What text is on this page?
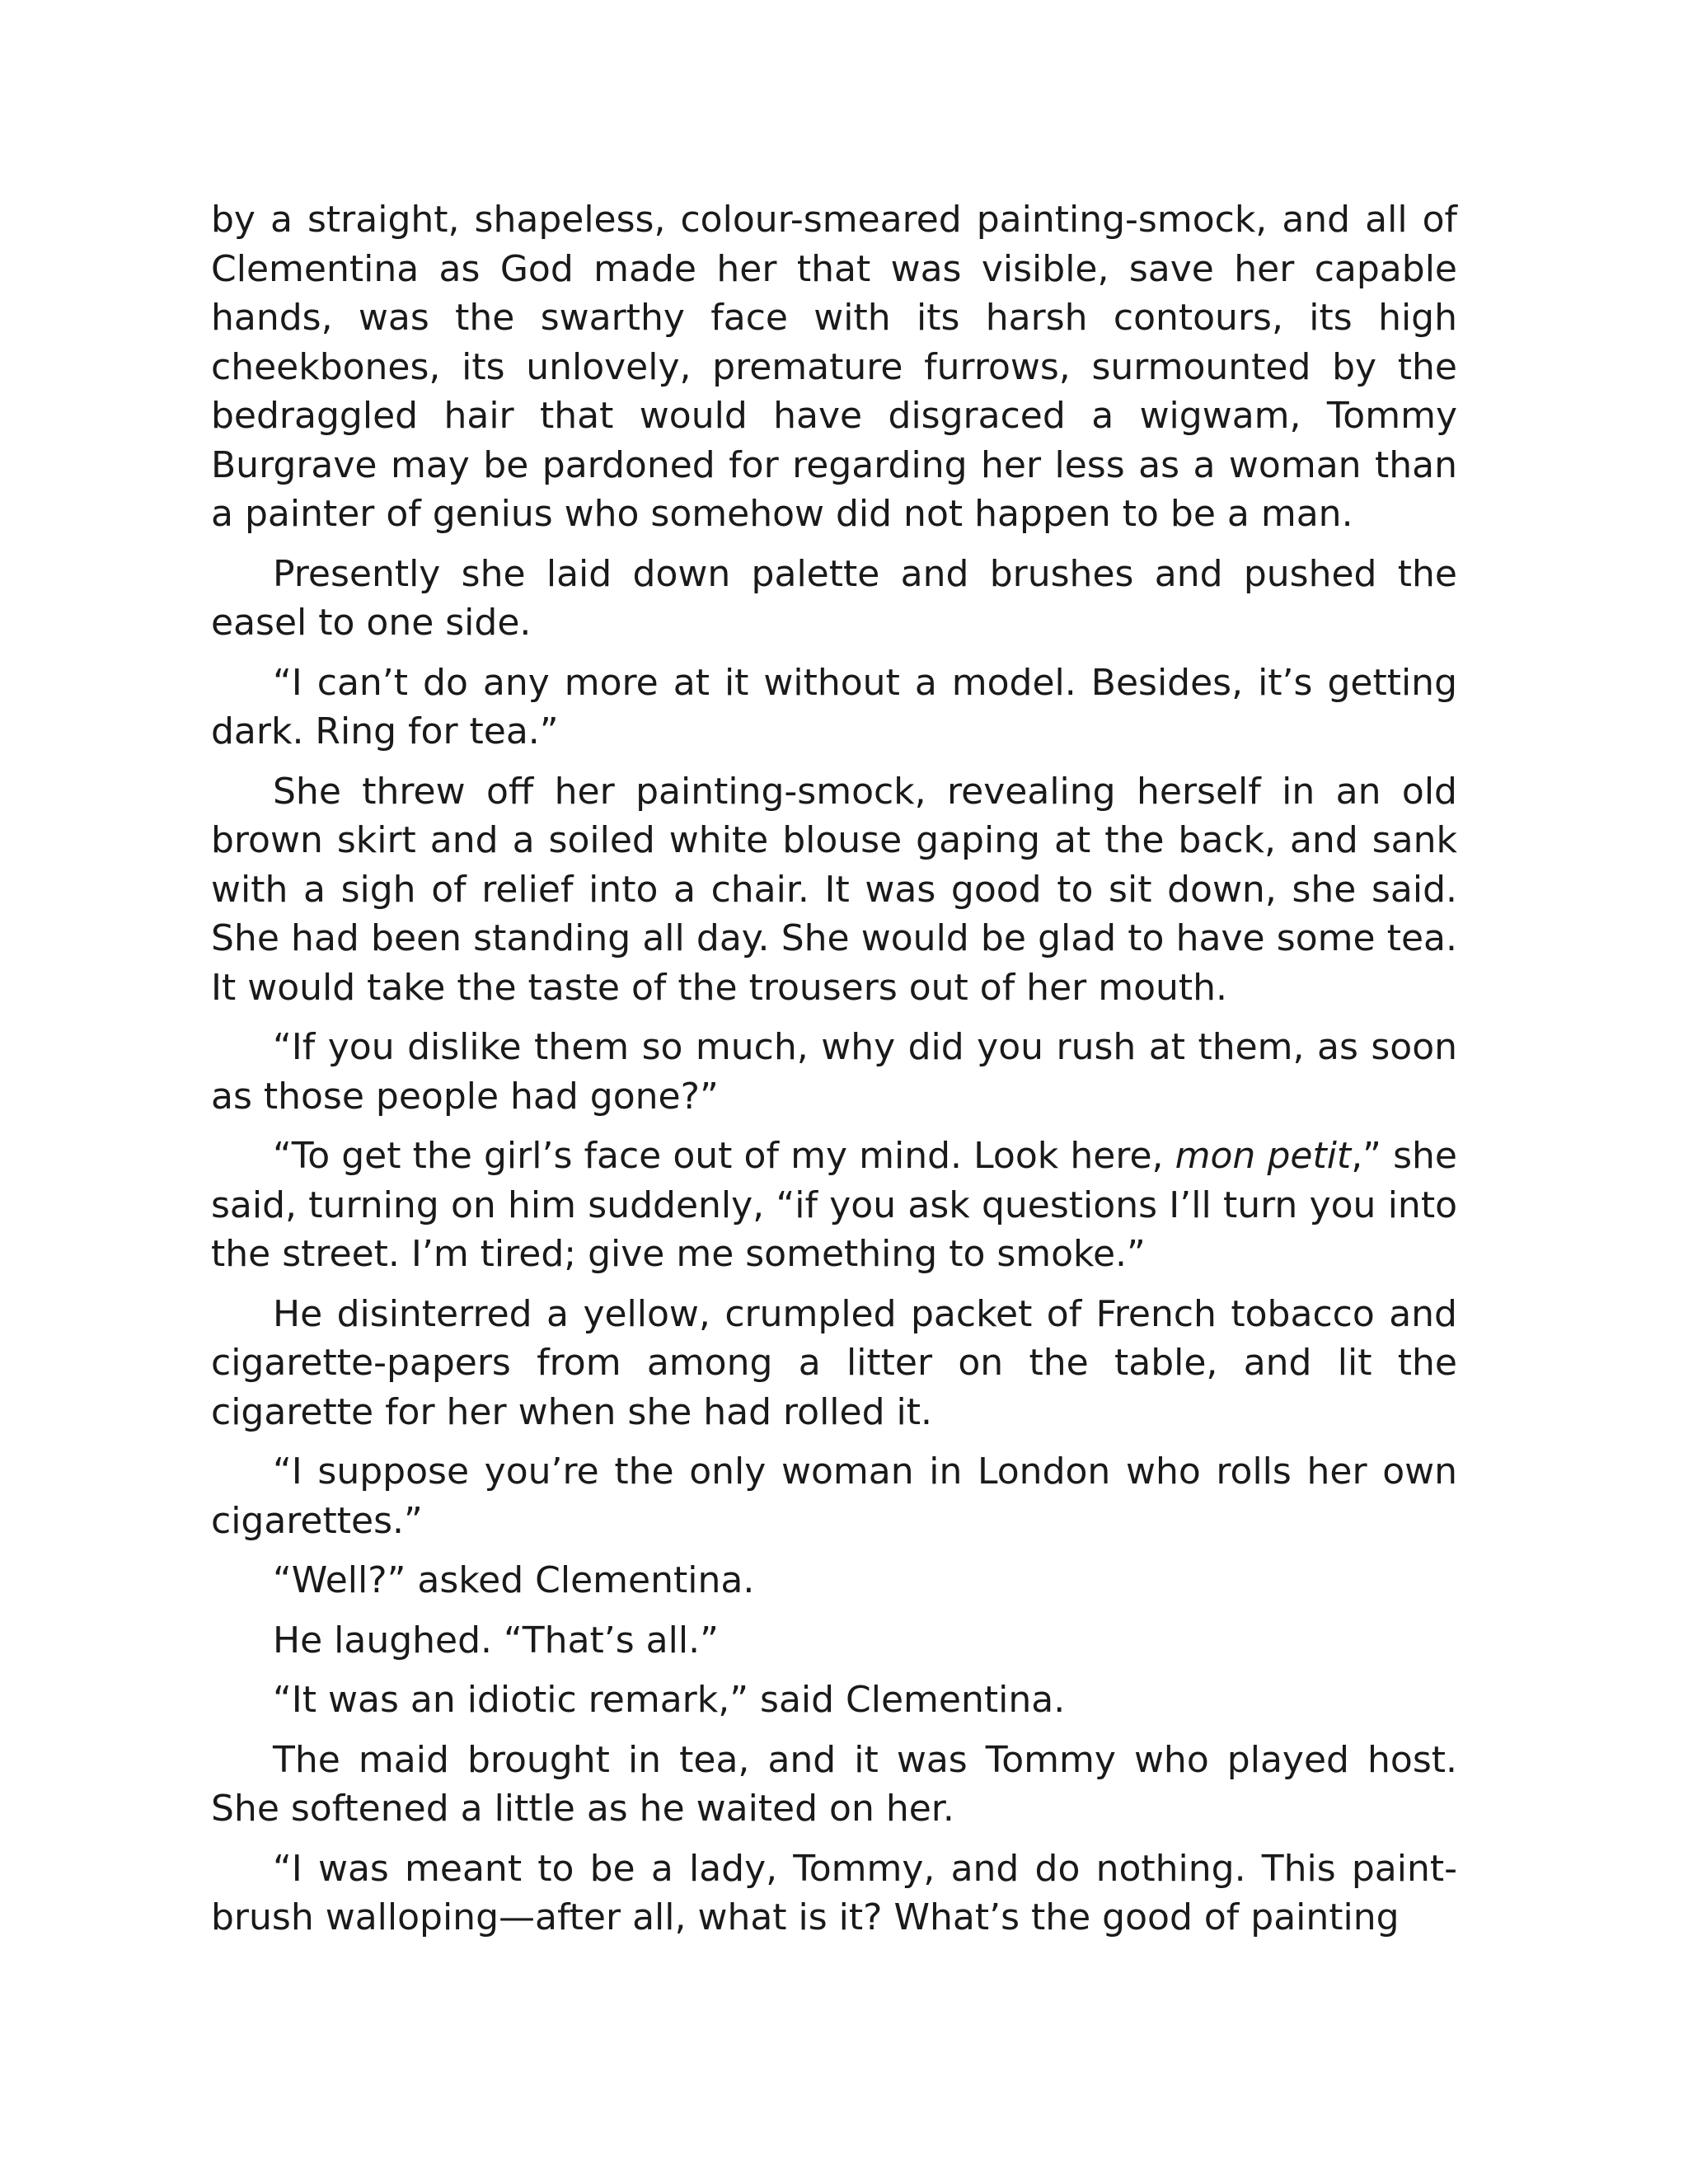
by a straight, shapeless, colour-smeared painting-smock, and all of Clementina as God made her that was visible, save her capable hands, was the swarthy face with its harsh contours, its high cheekbones, its unlovely, premature furrows, surmounted by the bedraggled hair that would have disgraced a wigwam, Tommy Burgrave may be pardoned for regarding her less as a woman than a painter of genius who somehow did not happen to be a man.

Presently she laid down palette and brushes and pushed the easel to one side.

“I can’t do any more at it without a model. Besides, it’s getting dark. Ring for tea.”

She threw off her painting-smock, revealing herself in an old brown skirt and a soiled white blouse gaping at the back, and sank with a sigh of relief into a chair. It was good to sit down, she said. She had been standing all day. She would be glad to have some tea. It would take the taste of the trousers out of her mouth.

“If you dislike them so much, why did you rush at them, as soon as those people had gone?”

“To get the girl’s face out of my mind. Look here, mon petit,” she said, turning on him suddenly, “if you ask questions I’ll turn you into the street. I’m tired; give me something to smoke.”

He disinterred a yellow, crumpled packet of French tobacco and cigarette-papers from among a litter on the table, and lit the cigarette for her when she had rolled it.

“I suppose you’re the only woman in London who rolls her own cigarettes.”

“Well?” asked Clementina.

He laughed. “That’s all.”

“It was an idiotic remark,” said Clementina.

The maid brought in tea, and it was Tommy who played host. She softened a little as he waited on her.

“I was meant to be a lady, Tommy, and do nothing. This paint-brush walloping—after all, what is it? What’s the good of painting
